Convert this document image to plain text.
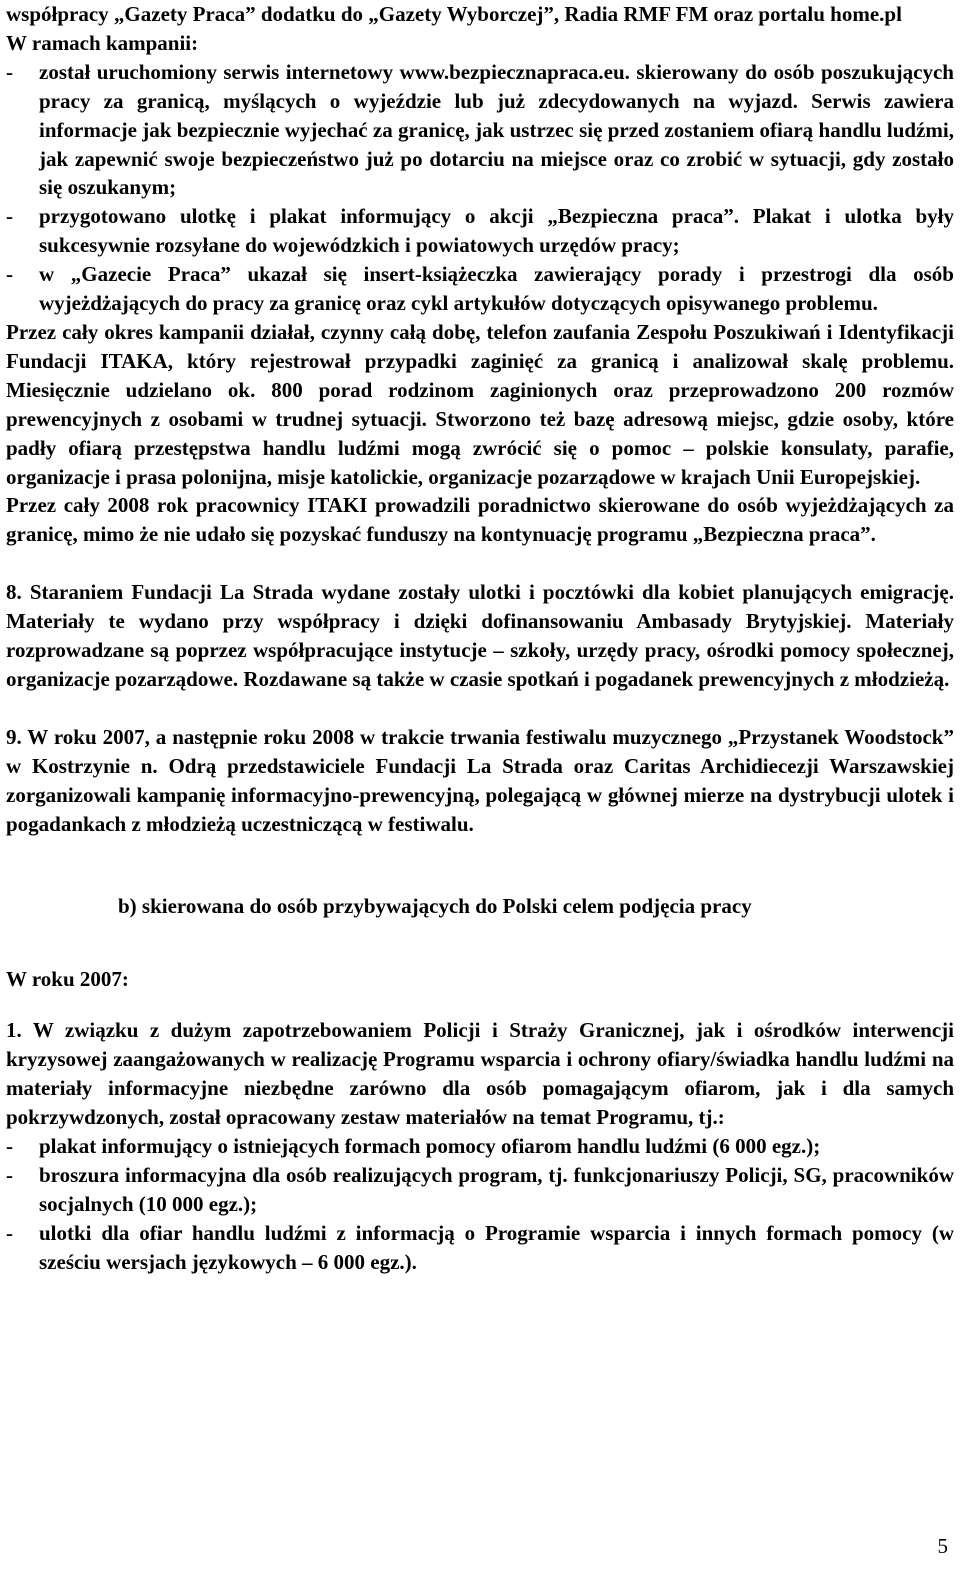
współpracy „Gazety Praca” dodatku do „Gazety Wyborczej”, Radia RMF FM oraz portalu home.pl

W ramach kampanii:

-	został uruchomiony serwis internetowy www.bezpiecznapraca.eu. skierowany do osób poszukujących pracy za granicą, myślących o wyjeździe lub już zdecydowanych na wyjazd. Serwis zawiera informacje jak bezpiecznie wyjechać za granicę, jak ustrzec się przed zostaniem ofiarą handlu ludźmi, jak zapewnić swoje bezpieczeństwo już po dotarciu na miejsce oraz co zrobić w sytuacji, gdy zostało się oszukanym;
-	przygotowano ulotkę i plakat informujący o akcji „Bezpieczna praca”. Plakat i ulotka były sukcesywnie rozsyłane do wojewódzkich i powiatowych urzędów pracy;
-	w „Gazecie Praca” ukazał się insert-książeczka zawierający porady i przestrogi dla osób wyjeżdżających do pracy za granicę oraz cykl artykułów dotyczących opisywanego problemu.

Przez cały okres kampanii działał, czynny całą dobę, telefon zaufania Zespołu Poszukiwań i Identyfikacji Fundacji ITAKA, który rejestrował przypadki zaginięć za granicą i analizował skalę problemu. Miesięcznie udzielano ok. 800 porad rodzinom zaginionych oraz przeprowadzono 200 rozmów prewencyjnych z osobami w trudnej sytuacji. Stworzono też bazę adresową miejsc, gdzie osoby, które padły ofiarą przestępstwa handlu ludźmi mogą zwrócić się o pomoc – polskie konsulaty, parafie, organizacje i prasa polonijna, misje katolickie, organizacje pozarządowe w krajach Unii Europejskiej.

Przez cały 2008 rok pracownicy ITAKI prowadzili poradnictwo skierowane do osób wyjeżdżających za granicę, mimo że nie udało się pozyskać funduszy na kontynuację programu „Bezpieczna praca”.

8. Staraniem Fundacji La Strada wydane zostały ulotki i pocztówki dla kobiet planujących emigrację. Materiały te wydano przy współpracy i dzięki dofinansowaniu Ambasady Brytyjskiej. Materiały rozprowadzane są poprzez współpracujące instytucje – szkoły, urzędy pracy, ośrodki pomocy społecznej, organizacje pozarządowe. Rozdawane są także w czasie spotkań i pogadanek prewencyjnych z młodzieżą.

9. W roku 2007, a następnie roku 2008 w trakcie trwania festiwalu muzycznego „Przystanek Woodstock” w Kostrzynie n. Odrą przedstawiciele Fundacji La Strada oraz Caritas Archidiecezji Warszawskiej zorganizowali kampanię informacyjno-prewencyjną, polegającą w głównej mierze na dystrybucji ulotek i pogadankach z młodzieżą uczestniczącą w festiwalu.

b) skierowana do osób przybywających do Polski celem podjęcia pracy

W roku 2007:

1. W związku z dużym zapotrzebowaniem Policji i Straży Granicznej, jak i ośrodków interwencji kryzysowej zaangażowanych w realizację Programu wsparcia i ochrony ofiary/świadka handlu ludźmi na materiały informacyjne niezbędne zarówno dla osób pomagającym ofiarom, jak i dla samych pokrzywdzonych, został opracowany zestaw materiałów na temat Programu, tj.:

-	plakat informujący o istniejących formach pomocy ofiarom handlu ludźmi (6 000 egz.);
-	broszura informacyjna dla osób realizujących program, tj. funkcjonariuszy Policji, SG, pracowników socjalnych (10 000 egz.);
-	ulotki dla ofiar handlu ludźmi z informacją o Programie wsparcia i innych formach pomocy (w sześciu wersjach językowych – 6 000 egz.).
5
